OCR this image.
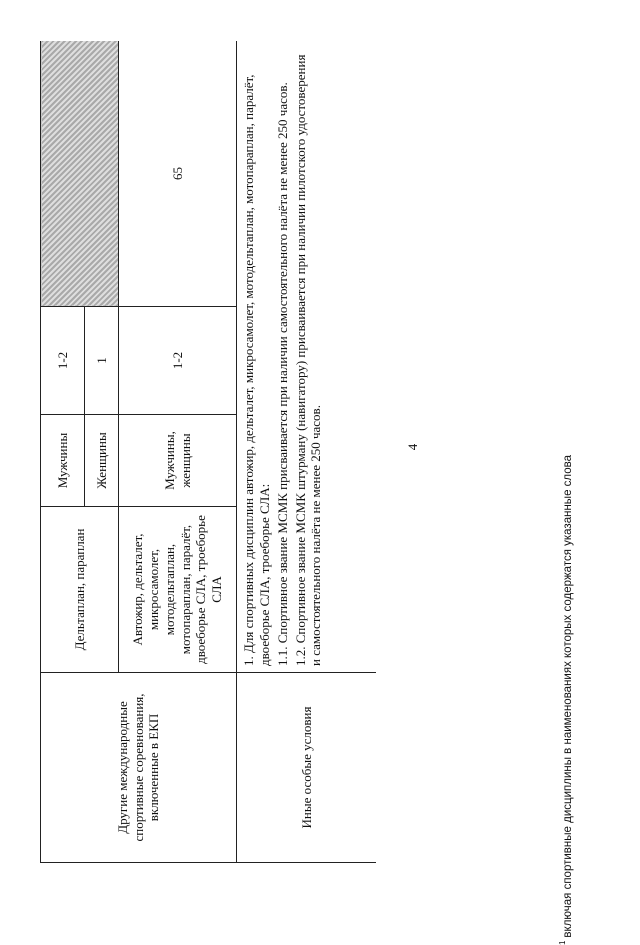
4
Другие международные спортивные соревнования, включенные в ЕКП	Дельтаплан, параплан	Мужчины	1-2	
		Женщины	1	
	Автожир, дельталет, микросамолет, мотодельтаплан, мотопараплан, паралёт, двоеборье СЛА, троеборье СЛА	Мужчины, женщины	1-2	65
Иные особые условия	1. Для спортивных дисциплин автожир, дельталет, микросамолет, мотодельтаплан, мотопараплан, паралёт, двоеборье СЛА, троеборье СЛА: 1.1. Спортивное звание МСМК присваивается при наличии самостоятельного налёта не менее 250 часов. 1.2. Спортивное звание МСМК штурману (навигатору) присваивается при наличии пилотского удостоверения и самостоятельного налёта не менее 250 часов.			

$^1$включая спортивные дисциплины в наименованиях которых содержатся указанные слова
